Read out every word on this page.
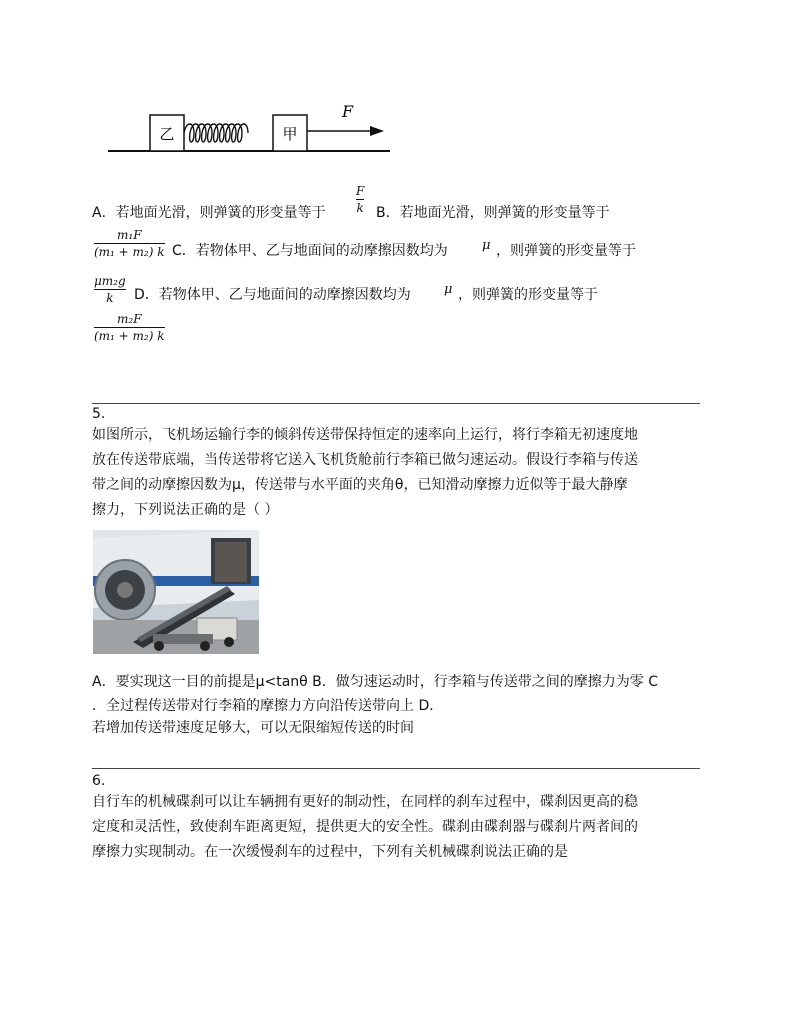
乙	甲
F
A．若地面光滑，则弹簧的形变量等于
F
k B．若地面光滑，则弹簧的形变量等于
m₁F
(m₁ + m₂) k C．若物体甲、乙与地面间的动摩擦因数均为	μ ，则弹簧的形变量等于
μm₂g
k	D．若物体甲、乙与地面间的动摩擦因数均为	μ ，则弹簧的形变量等于
m₂F
(m₁ + m₂) k
5.
如图所示，飞机场运输行李的倾斜传送带保持恒定的速率向上运行，将行李箱无初速度地
放在传送带底端，当传送带将它送入飞机货舱前行李箱已做匀速运动。假设行李箱与传送
带之间的动摩擦因数为μ，传送带与水平面的夹角θ，已知滑动摩擦力近似等于最大静摩
擦力，下列说法正确的是（ ）
A．要实现这一目的前提是μ<tanθ B．做匀速运动时，行李箱与传送带之间的摩擦力为零 C
．全过程传送带对行李箱的摩擦力方向沿传送带向上 D．
若增加传送带速度足够大，可以无限缩短传送的时间
6.
自行车的机械碟刹可以让车辆拥有更好的制动性，在同样的刹车过程中，碟刹因更高的稳
定度和灵活性，致使刹车距离更短，提供更大的安全性。碟刹由碟刹器与碟刹片两者间的
摩擦力实现制动。在一次缓慢刹车的过程中，下列有关机械碟刹说法正确的是
